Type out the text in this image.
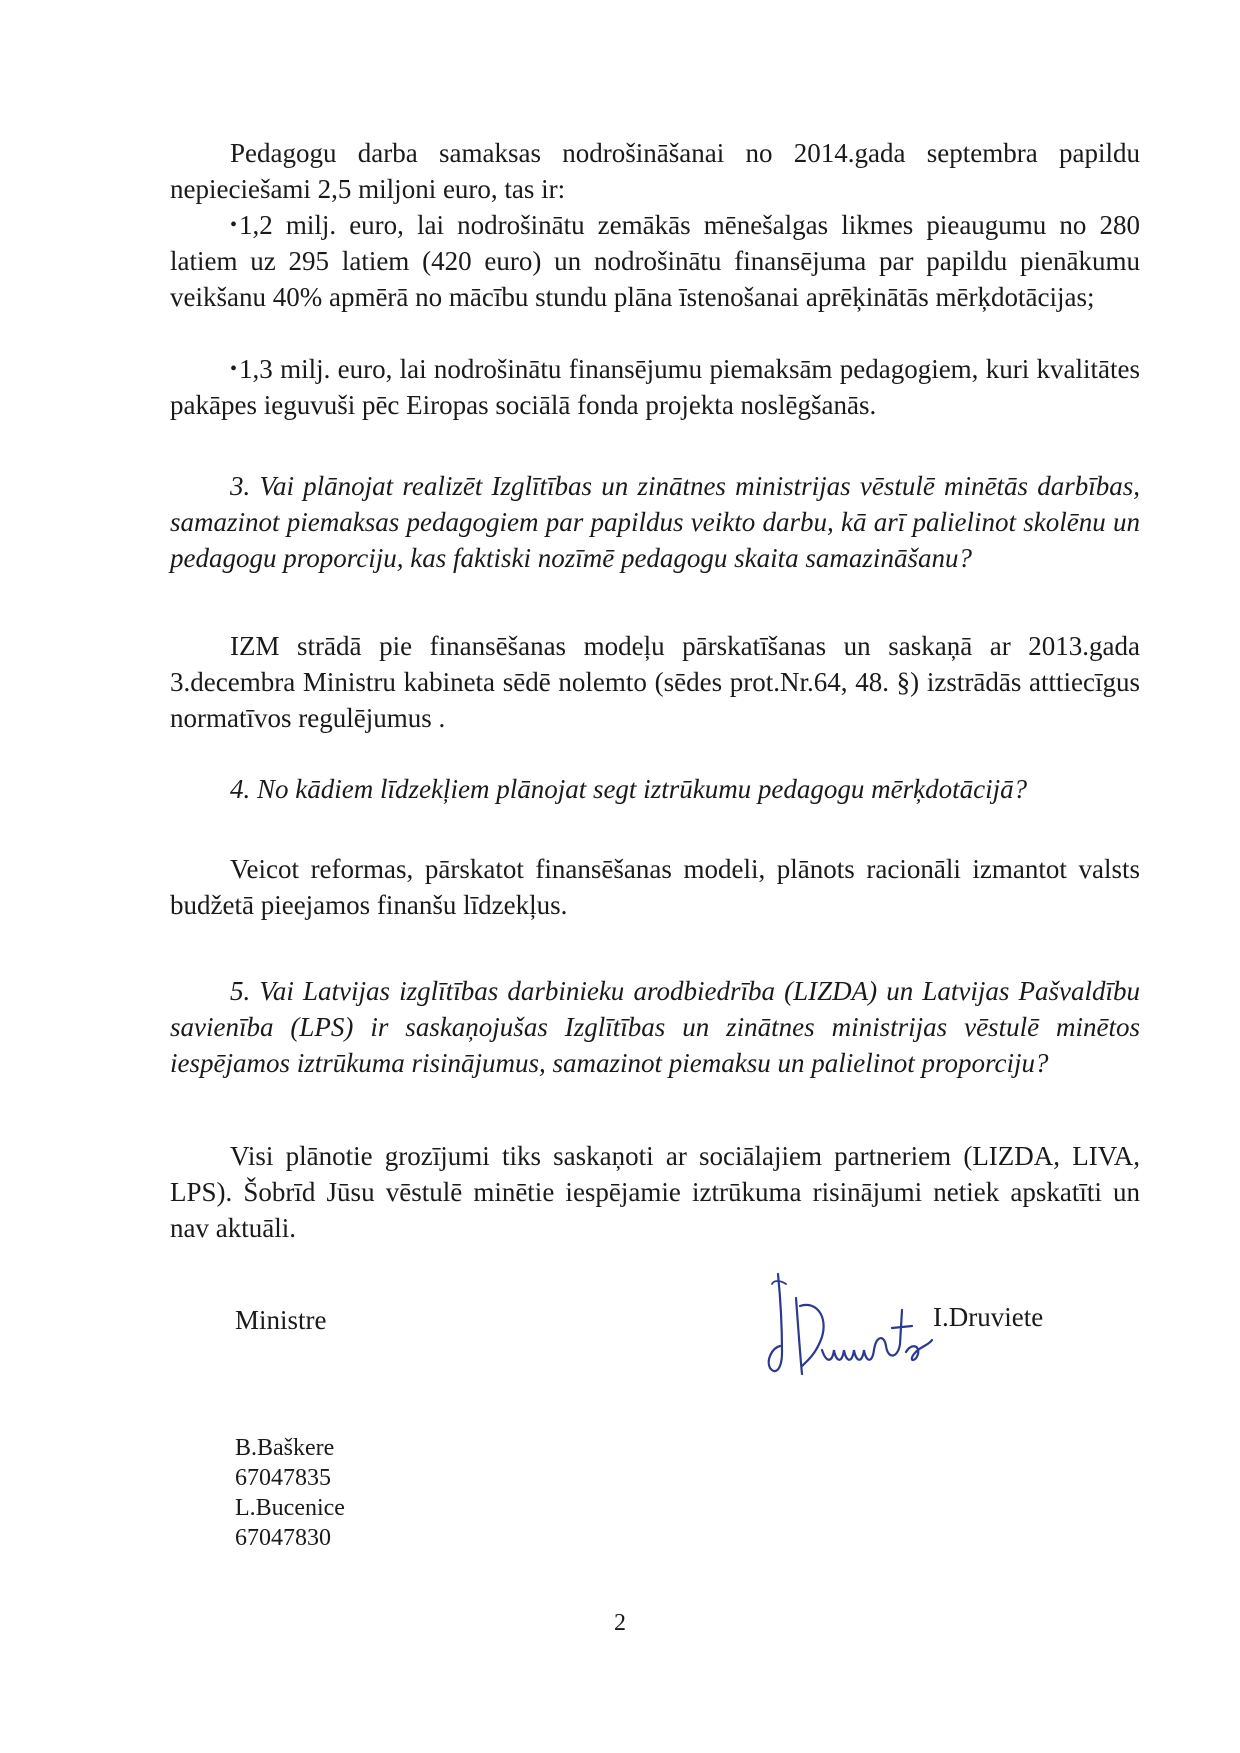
Pedagogu darba samaksas nodrošināšanai no 2014.gada septembra papildu nepieciešami 2,5 miljoni euro, tas ir:
•1,2 milj. euro, lai nodrošinātu zemākās mēnešalgas likmes pieaugumu no 280 latiem uz 295 latiem (420 euro) un nodrošinātu finansējuma par papildu pienākumu veikšanu 40% apmērā no mācību stundu plāna īstenošanai aprēķinātās mērķdotācijas;
•1,3 milj. euro, lai nodrošinātu finansējumu piemaksām pedagogiem, kuri kvalitātes pakāpes ieguvuši pēc Eiropas sociālā fonda projekta noslēgšanās.

3. Vai plānojat realizēt Izglītības un zinātnes ministrijas vēstulē minētās darbības, samazinot piemaksas pedagogiem par papildus veikto darbu, kā arī palielinot skolēnu un pedagogu proporciju, kas faktiski nozīmē pedagogu skaita samazināšanu?

IZM strādā pie finansēšanas modeļu pārskatīšanas un saskaņā ar 2013.gada 3.decembra Ministru kabineta sēdē nolemto (sēdes prot.Nr.64, 48. §) izstrādās atttiecīgus normatīvos regulējumus .

4. No kādiem līdzekļiem plānojat segt iztrūkumu pedagogu mērķdotācijā?

Veicot reformas, pārskatot finansēšanas modeli, plānots racionāli izmantot valsts budžetā pieejamos finanšu līdzekļus.

5. Vai Latvijas izglītības darbinieku arodbiedrība (LIZDA) un Latvijas Pašvaldību savienība (LPS) ir saskaņojušas Izglītības un zinātnes ministrijas vēstulē minētos iespējamos iztrūkuma risinājumus, samazinot piemaksu un palielinot proporciju?

Visi plānotie grozījumi tiks saskaņoti ar sociālajiem partneriem (LIZDA, LIVA, LPS). Šobrīd Jūsu vēstulē minētie iespējamie iztrūkuma risinājumi netiek apskatīti un nav aktuāli.

Ministre
I. Druviete
I.Druviete
B.Baškere
67047835
L.Bucenice
67047830
2
